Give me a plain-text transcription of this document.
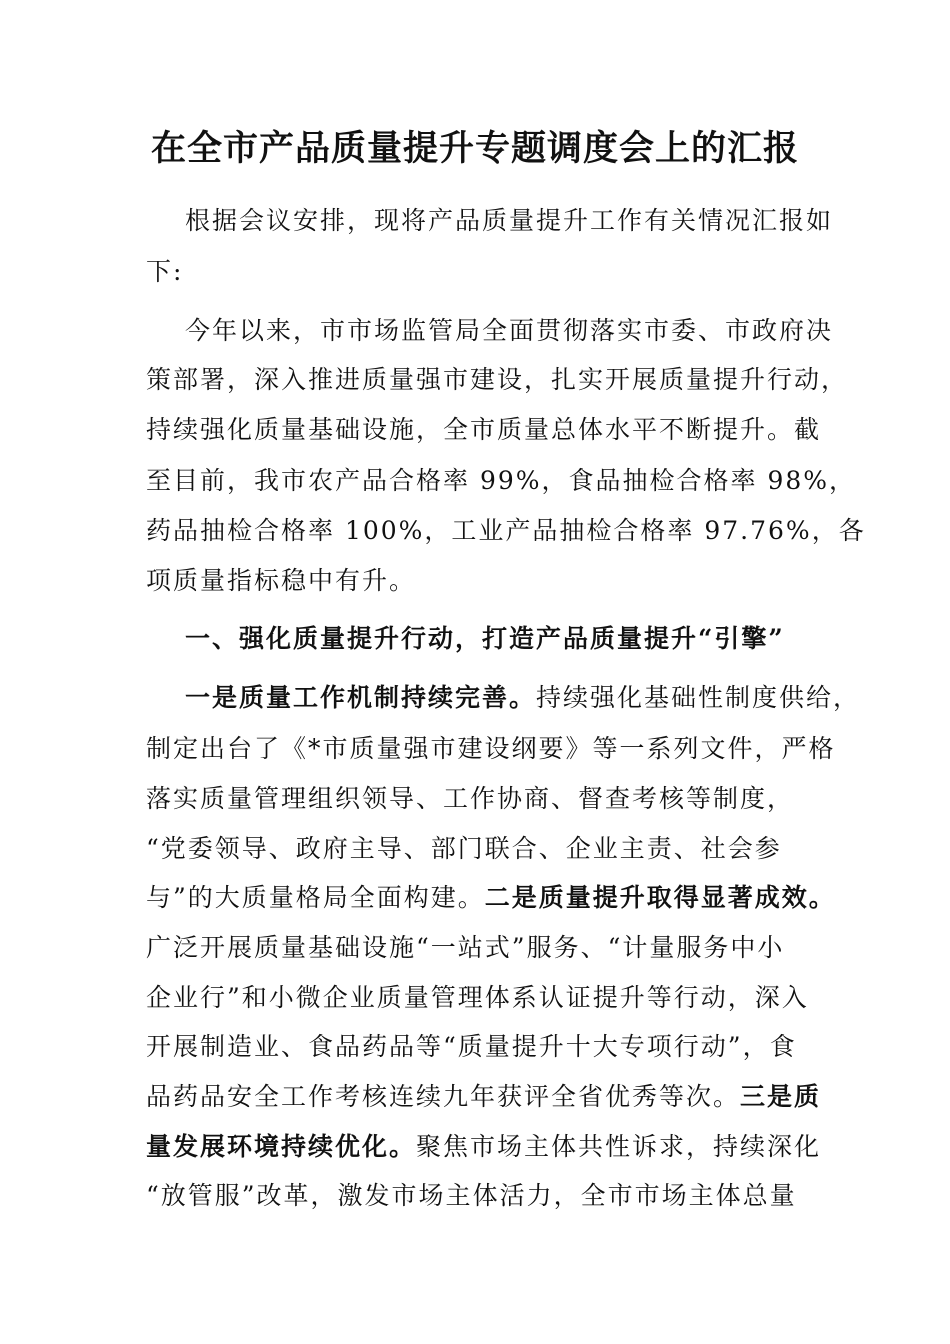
在全市产品质量提升专题调度会上的汇报
根据会议安排，现将产品质量提升工作有关情况汇报如
下:
今年以来，市市场监管局全面贯彻落实市委、市政府决
策部署，深入推进质量强市建设，扎实开展质量提升行动，
持续强化质量基础设施，全市质量总体水平不断提升。截
至目前，我市农产品合格率 99%，食品抽检合格率 98%，
药品抽检合格率 100%，工业产品抽检合格率 97.76%，各
项质量指标稳中有升。
一、强化质量提升行动，打造产品质量提升“引擎”
一是质量工作机制持续完善。持续强化基础性制度供给，
制定出台了《*市质量强市建设纲要》等一系列文件，严格
落实质量管理组织领导、工作协商、督查考核等制度，
“党委领导、政府主导、部门联合、企业主责、社会参
与”的大质量格局全面构建。二是质量提升取得显著成效。
广泛开展质量基础设施“一站式”服务、“计量服务中小
企业行”和小微企业质量管理体系认证提升等行动，深入
开展制造业、食品药品等“质量提升十大专项行动”，食
品药品安全工作考核连续九年获评全省优秀等次。三是质
量发展环境持续优化。聚焦市场主体共性诉求，持续深化
“放管服”改革，激发市场主体活力，全市市场主体总量
